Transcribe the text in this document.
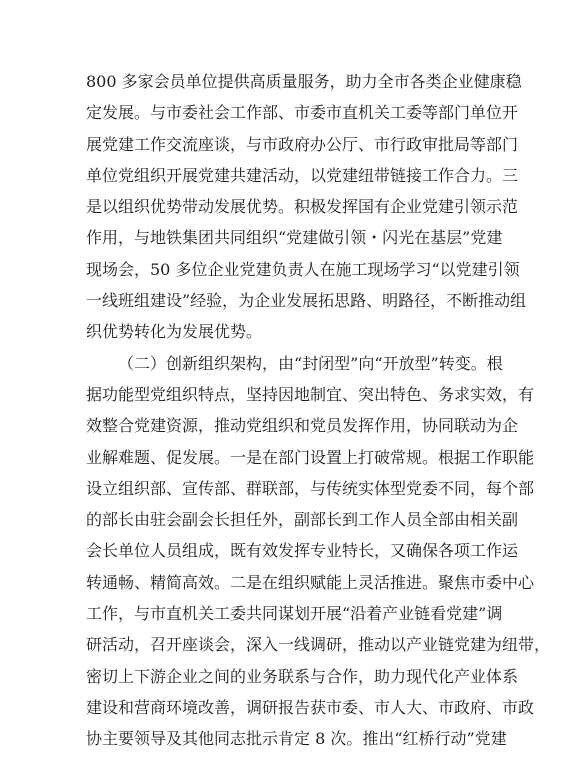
800 多家会员单位提供高质量服务，助力全市各类企业健康稳
定发展。与市委社会工作部、市委市直机关工委等部门单位开
展党建工作交流座谈，与市政府办公厅、市行政审批局等部门
单位党组织开展党建共建活动，以党建纽带链接工作合力。三
是以组织优势带动发展优势。积极发挥国有企业党建引领示范
作用，与地铁集团共同组织“党建做引领・闪光在基层”党建
现场会，50 多位企业党建负责人在施工现场学习“以党建引领
一线班组建设”经验，为企业发展拓思路、明路径，不断推动组
织优势转化为发展优势。
（二）创新组织架构，由“封闭型”向“开放型”转变。根
据功能型党组织特点，坚持因地制宜、突出特色、务求实效，有
效整合党建资源，推动党组织和党员发挥作用，协同联动为企
业解难题、促发展。一是在部门设置上打破常规。根据工作职能
设立组织部、宣传部、群联部，与传统实体型党委不同，每个部
的部长由驻会副会长担任外，副部长到工作人员全部由相关副
会长单位人员组成，既有效发挥专业特长，又确保各项工作运
转通畅、精简高效。二是在组织赋能上灵活推进。聚焦市委中心
工作，与市直机关工委共同谋划开展“沿着产业链看党建”调
研活动，召开座谈会，深入一线调研，推动以产业链党建为纽带，
密切上下游企业之间的业务联系与合作，助力现代化产业体系
建设和营商环境改善，调研报告获市委、市人大、市政府、市政
协主要领导及其他同志批示肯定 8 次。推出“红桥行动”党建
